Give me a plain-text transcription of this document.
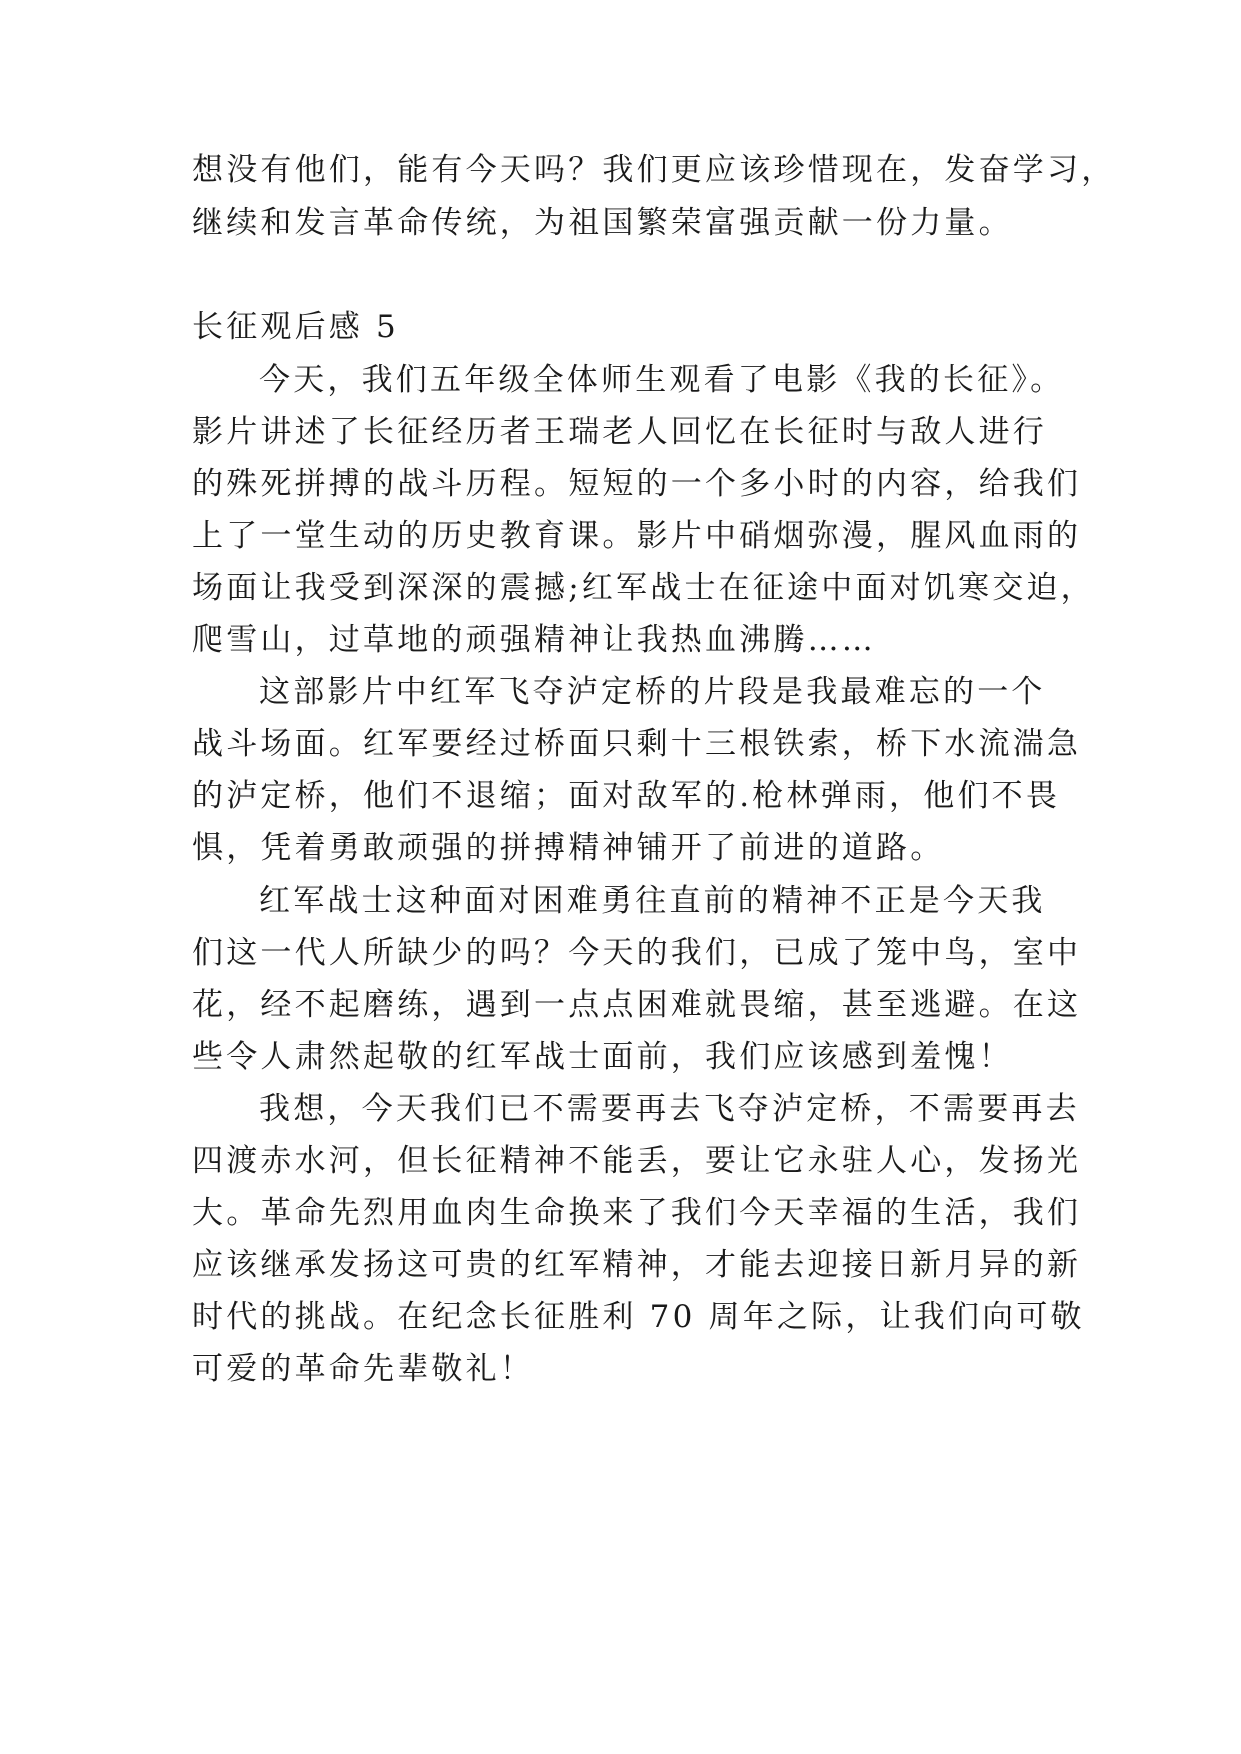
想没有他们，能有今天吗？我们更应该珍惜现在，发奋学习，
继续和发言革命传统，为祖国繁荣富强贡献一份力量。
长征观后感 5
今天，我们五年级全体师生观看了电影《我的长征》。
影片讲述了长征经历者王瑞老人回忆在长征时与敌人进行
的殊死拼搏的战斗历程。短短的一个多小时的内容，给我们
上了一堂生动的历史教育课。影片中硝烟弥漫，腥风血雨的
场面让我受到深深的震撼;红军战士在征途中面对饥寒交迫，
爬雪山，过草地的顽强精神让我热血沸腾……
这部影片中红军飞夺泸定桥的片段是我最难忘的一个
战斗场面。红军要经过桥面只剩十三根铁索，桥下水流湍急
的泸定桥，他们不退缩；面对敌军的.枪林弹雨，他们不畏
惧，凭着勇敢顽强的拼搏精神铺开了前进的道路。
红军战士这种面对困难勇往直前的精神不正是今天我
们这一代人所缺少的吗？今天的我们，已成了笼中鸟，室中
花，经不起磨练，遇到一点点困难就畏缩，甚至逃避。在这
些令人肃然起敬的红军战士面前，我们应该感到羞愧！
我想，今天我们已不需要再去飞夺泸定桥，不需要再去
四渡赤水河，但长征精神不能丢，要让它永驻人心，发扬光
大。革命先烈用血肉生命换来了我们今天幸福的生活，我们
应该继承发扬这可贵的红军精神，才能去迎接日新月异的新
时代的挑战。在纪念长征胜利 70 周年之际，让我们向可敬
可爱的革命先辈敬礼！
